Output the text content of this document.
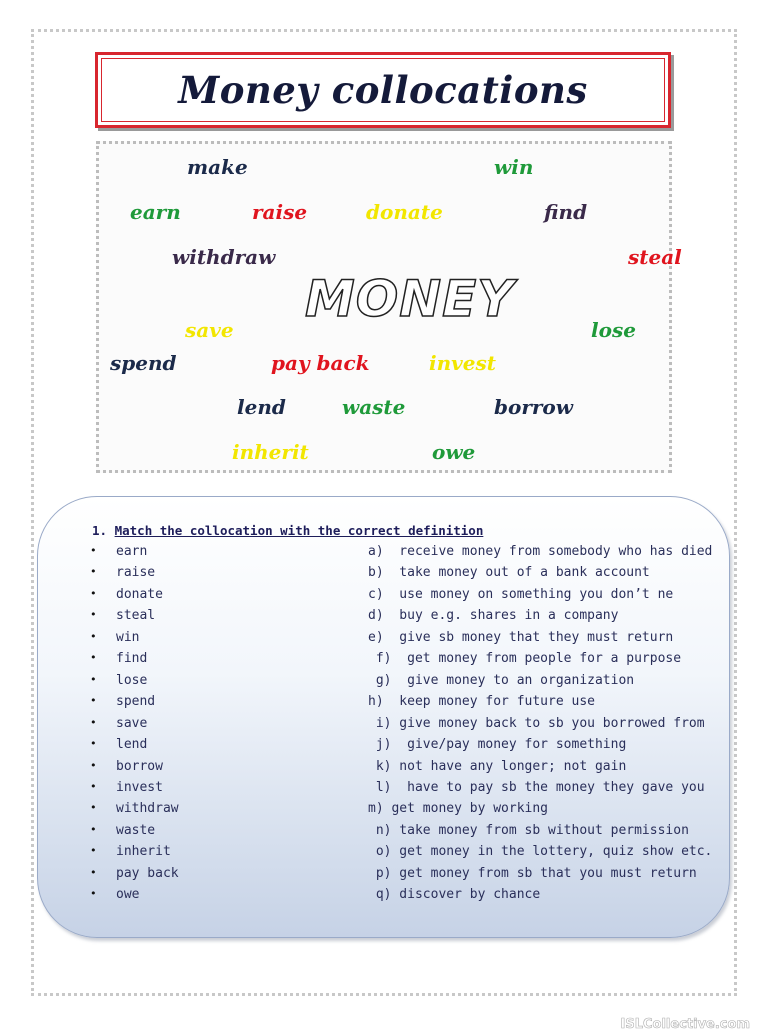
Money collocations
make	win
earn	raise	donate	find
withdraw	steal
MONEY
save	lose
spend	pay back	invest
lend	waste	borrow
inherit	owe
1. Match the collocation with the correct definition
• earn	a)  receive money from somebody who has died
• raise	b)  take money out of a bank account
• donate	c)  use money on something you don’t ne
• steal	d)  buy e.g. shares in a company
• win	e)  give sb money that they must return
• find	f)  get money from people for a purpose
• lose	g)  give money to an organization
• spend	h)  keep money for future use
• save	i) give money back to sb you borrowed from
• lend	j)  give/pay money for something
• borrow	k) not have any longer; not gain
• invest	l)  have to pay sb the money they gave you
• withdraw	m) get money by working
• waste	n) take money from sb without permission
• inherit	o) get money in the lottery, quiz show etc.
• pay back	p) get money from sb that you must return
• owe	q) discover by chance
ISLCollective.com
